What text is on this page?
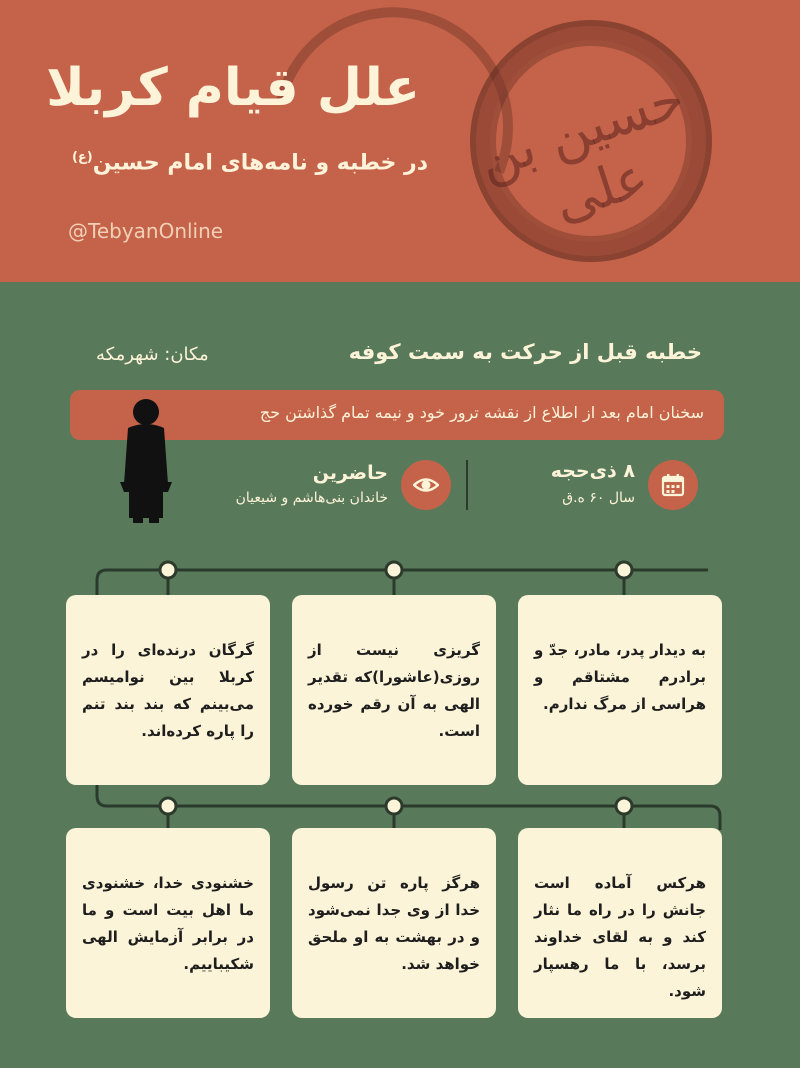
حسین بن علی
علل قیام کربلا
در خطبه و نامه‌های امام حسین$^{(ع)}$
@TebyanOnline
خطبه قبل از حرکت به سمت کوفه
مکان: شهرمکه
سخنان امام بعد از اطلاع از نقشه ترور خود و نیمه تمام گذاشتن حج
حاضرین
خاندان بنی‌هاشم و شیعیان
۸ ذی‌حجه
سال ۶۰ ه.ق

به دیدار پدر، مادر، جدّ و برادرم مشتاقم و هراسی از مرگ ندارم.

گریزی نیست از روزی(عاشورا)که تقدیر الهی به آن رقم خورده است.

گرگان درنده‌ای را در کربلا بین نوامیسم می‌بینم که بند بند تنم را پاره کرده‌اند.

هرکس آماده است جانش را در راه ما نثار کند و به لقای خداوند برسد، با ما رهسپار شود.

هرگز پاره تن رسول خدا از وی جدا نمی‌شود و در بهشت به او ملحق خواهد شد.

خشنودی خدا، خشنودی ما اهل بیت است و ما در برابر آزمایش الهی شکیباییم.
